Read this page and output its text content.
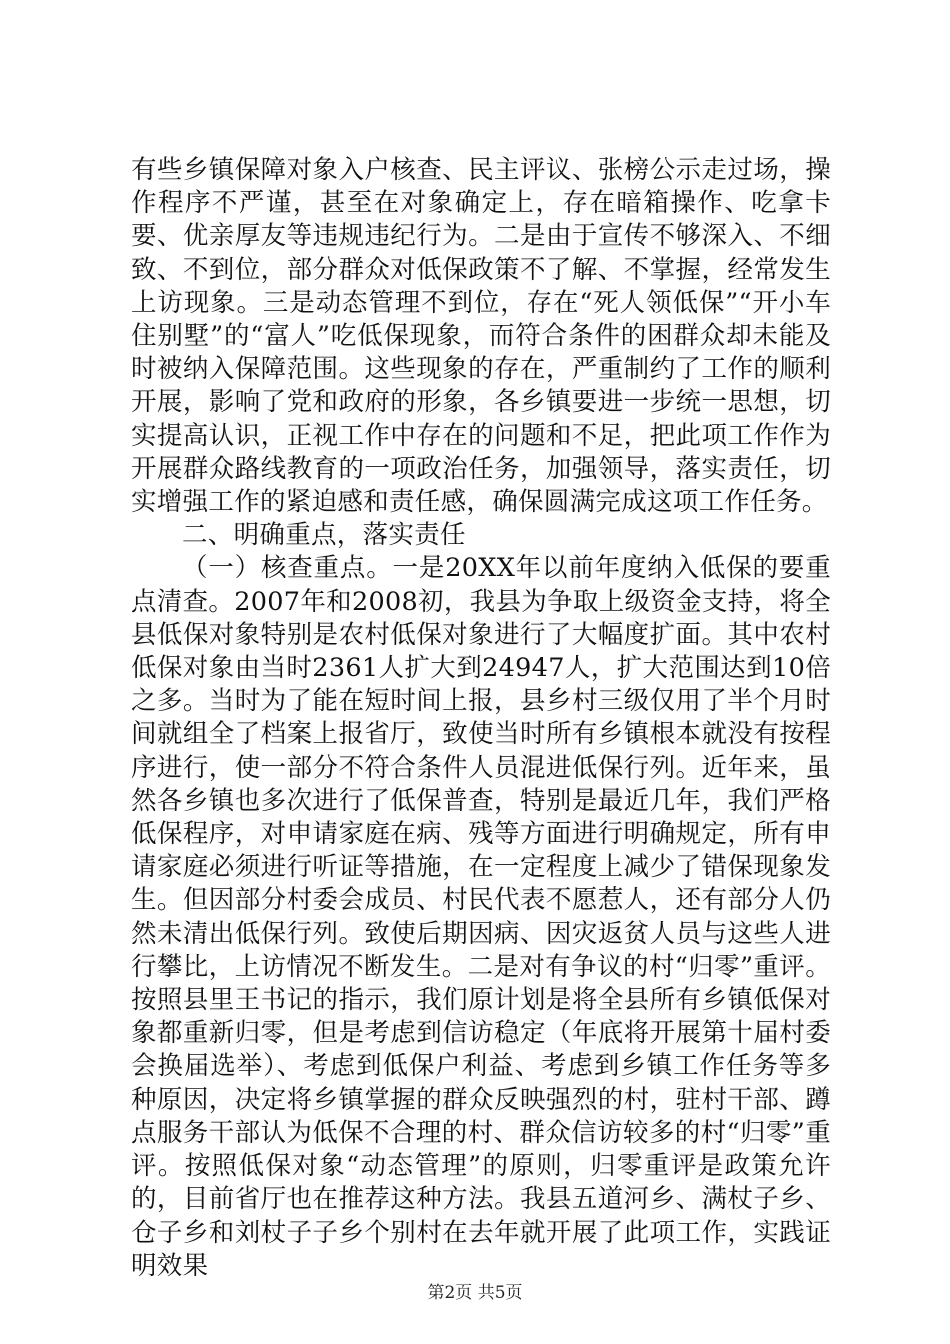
有些乡镇保障对象入户核查、民主评议、张榜公示走过场，操作程序不严谨，甚至在对象确定上，存在暗箱操作、吃拿卡要、优亲厚友等违规违纪行为。二是由于宣传不够深入、不细致、不到位，部分群众对低保政策不了解、不掌握，经常发生上访现象。三是动态管理不到位，存在“死人领低保”“开小车住别墅”的“富人”吃低保现象，而符合条件的困群众却未能及时被纳入保障范围。这些现象的存在，严重制约了工作的顺利开展，影响了党和政府的形象，各乡镇要进一步统一思想，切实提高认识，正视工作中存在的问题和不足，把此项工作作为开展群众路线教育的一项政治任务，加强领导，落实责任，切实增强工作的紧迫感和责任感，确保圆满完成这项工作任务。

二、明确重点，落实责任

（一）核查重点。一是20XX年以前年度纳入低保的要重点清查。2007年和2008初，我县为争取上级资金支持，将全县低保对象特别是农村低保对象进行了大幅度扩面。其中农村低保对象由当时2361人扩大到24947人，扩大范围达到10倍之多。当时为了能在短时间上报，县乡村三级仅用了半个月时间就组全了档案上报省厅，致使当时所有乡镇根本就没有按程序进行，使一部分不符合条件人员混进低保行列。近年来，虽然各乡镇也多次进行了低保普查，特别是最近几年，我们严格低保程序，对申请家庭在病、残等方面进行明确规定，所有申请家庭必须进行听证等措施，在一定程度上减少了错保现象发生。但因部分村委会成员、村民代表不愿惹人，还有部分人仍然未清出低保行列。致使后期因病、因灾返贫人员与这些人进行攀比，上访情况不断发生。二是对有争议的村“归零”重评。按照县里王书记的指示，我们原计划是将全县所有乡镇低保对象都重新归零，但是考虑到信访稳定（年底将开展第十届村委会换届选举）、考虑到低保户利益、考虑到乡镇工作任务等多种原因，决定将乡镇掌握的群众反映强烈的村，驻村干部、蹲点服务干部认为低保不合理的村、群众信访较多的村“归零”重评。按照低保对象“动态管理”的原则，归零重评是政策允许的，目前省厅也在推荐这种方法。我县五道河乡、满杖子乡、仓子乡和刘杖子子乡个别村在去年就开展了此项工作，实践证明效果

第2页 共5页
